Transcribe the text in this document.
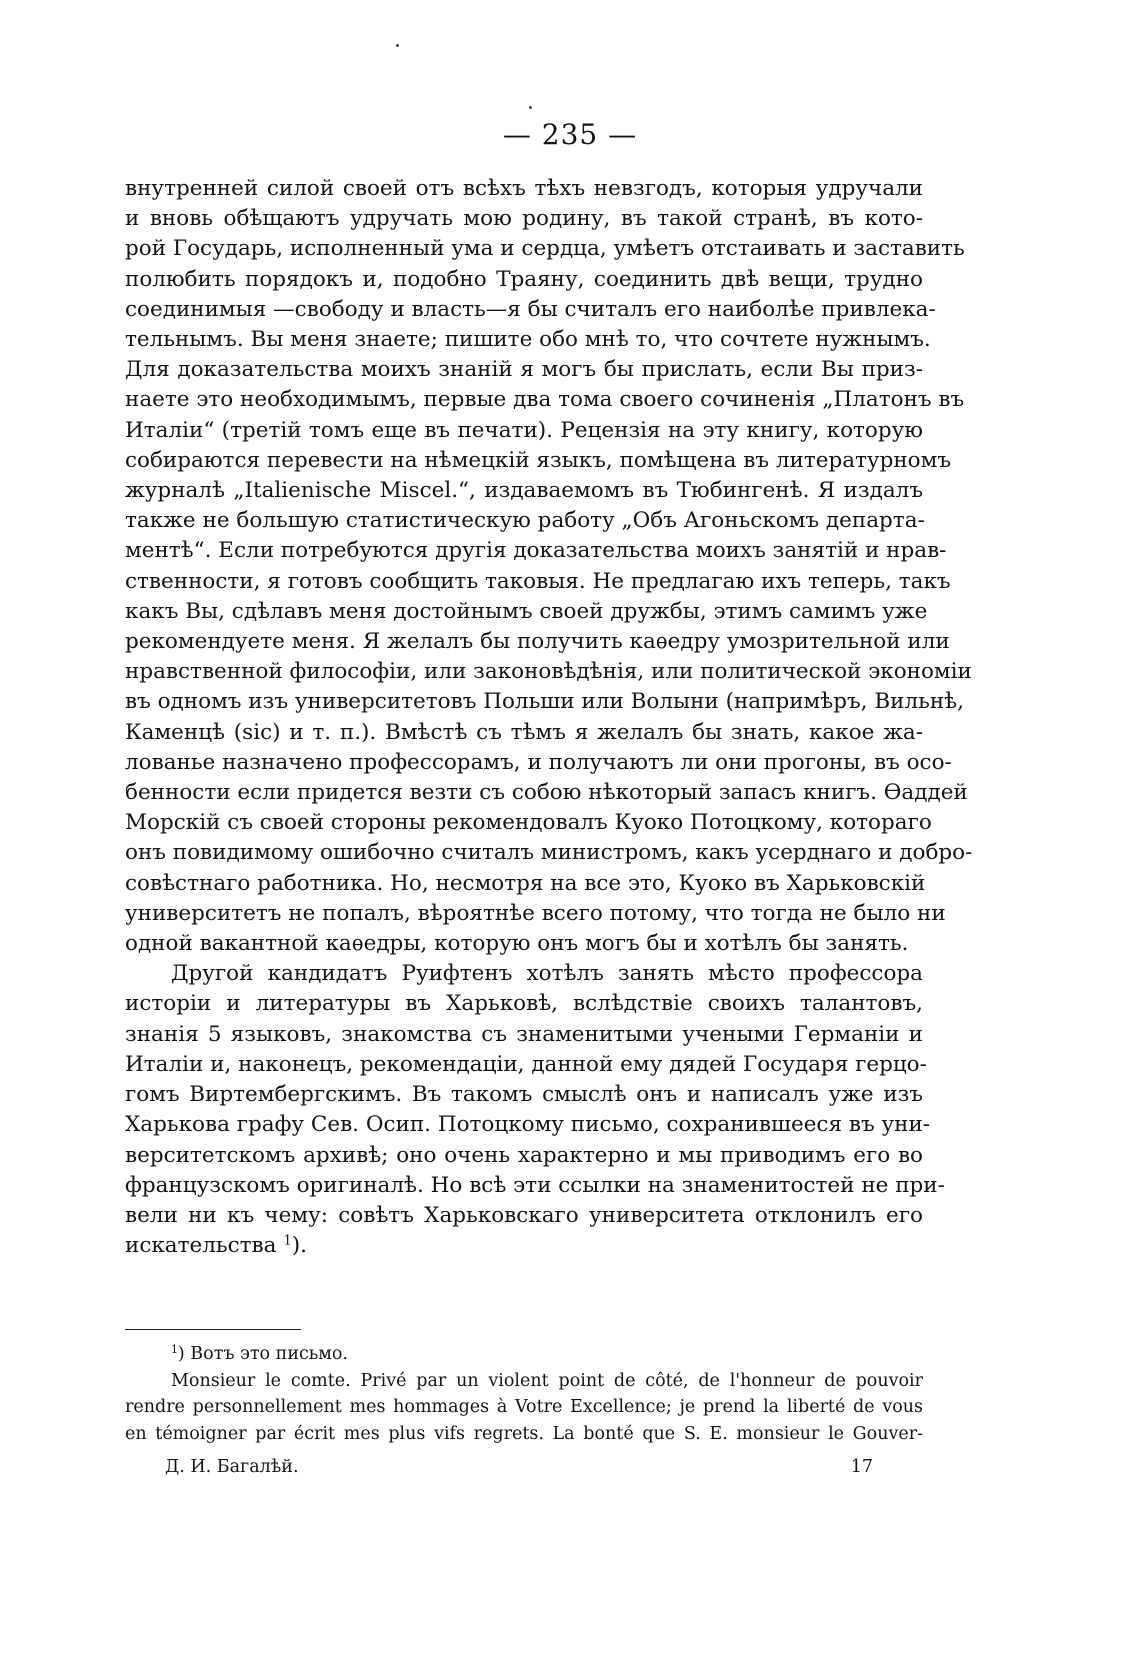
— 235 —
внутренней силой своей отъ всѣхъ тѣхъ невзгодъ, которыя удручали
и вновь обѣщаютъ удручать мою родину, въ такой странѣ, въ кото-
рой Государь, исполненный ума и сердца, умѣетъ отстаивать и заставить
полюбить порядокъ и, подобно Траяну, соединить двѣ вещи, трудно
соединимыя —свободу и власть—я бы считалъ его наиболѣе привлека-
тельнымъ. Вы меня знаете; пишите обо мнѣ то, что сочтете нужнымъ.
Для доказательства моихъ знаній я могъ бы прислать, если Вы приз-
наете это необходимымъ, первые два тома своего сочиненія „Платонъ въ
Италіи“ (третій томъ еще въ печати). Рецензія на эту книгу, которую
собираются перевести на нѣмецкій языкъ, помѣщена въ литературномъ
журналѣ „Italienische Miscel.“, издаваемомъ въ Тюбингенѣ. Я издалъ
также не большую статистическую работу „Объ Агоньскомъ департа-
ментѣ“. Если потребуются другія доказательства моихъ занятій и нрав-
ственности, я готовъ сообщить таковыя. Не предлагаю ихъ теперь, такъ
какъ Вы, сдѣлавъ меня достойнымъ своей дружбы, этимъ самимъ уже
рекомендуете меня. Я желалъ бы получить каѳедру умозрительной или
нравственной философіи, или законовѣдѣнія, или политической экономіи
въ одномъ изъ университетовъ Польши или Волыни (напримѣръ, Вильнѣ,
Каменцѣ (sic) и т. п.). Вмѣстѣ съ тѣмъ я желалъ бы знать, какое жа-
лованье назначено профессорамъ, и получаютъ ли они прогоны, въ осо-
бенности если придется везти съ собою нѣкоторый запасъ книгъ. Ѳаддей
Морскій съ своей стороны рекомендовалъ Куоко Потоцкому, котораго
онъ повидимому ошибочно считалъ министромъ, какъ усерднаго и добро-
совѣстнаго работника. Но, несмотря на все это, Куоко въ Харьковскій
университетъ не попалъ, вѣроятнѣе всего потому, что тогда не было ни
одной вакантной каѳедры, которую онъ могъ бы и хотѣлъ бы занять.
Другой кандидатъ Руифтенъ хотѣлъ занять мѣсто профессора
исторіи и литературы въ Харьковѣ, вслѣдствіе своихъ талантовъ,
знанія 5 языковъ, знакомства съ знаменитыми учеными Германіи и
Италіи и, наконецъ, рекомендаціи, данной ему дядей Государя герцо-
гомъ Виртембергскимъ. Въ такомъ смыслѣ онъ и написалъ уже изъ
Харькова графу Сев. Осип. Потоцкому письмо, сохранившееся въ уни-
верситетскомъ архивѣ; оно очень характерно и мы приводимъ его во
французскомъ оригиналѣ. Но всѣ эти ссылки на знаменитостей не при-
вели ни къ чему: совѣтъ Харьковскаго университета отклонилъ его
искательства $^1$).
$^1$) Вотъ это письмо.
Monsieur le comte. Privé par un violent point de côté, de l'honneur de pouvoir
rendre personnellement mes hommages à Votre Excellence; je prend la liberté de vous
en témoigner par écrit mes plus vifs regrets. La bonté que S. E. monsieur le Gouver-
Д. И. Багалѣй.	17
